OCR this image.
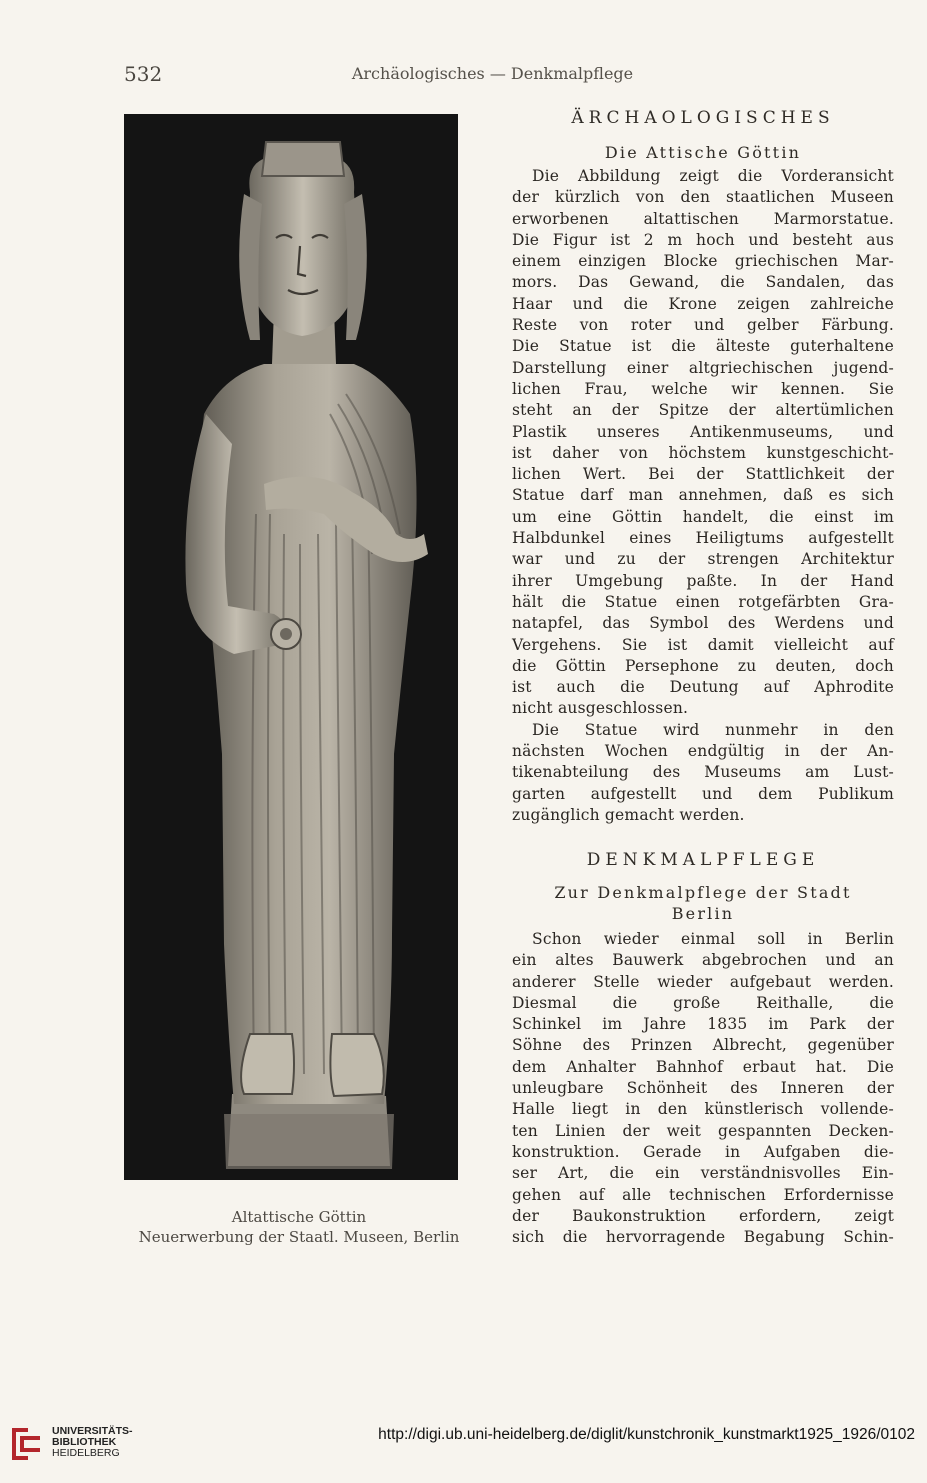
532	Archäologisches — Denkmalpflege
Altattische Göttin
Neuerwerbung der Staatl. Museen, Berlin
ÄRCHAOLOGISCHES
Die Attische Göttin

Die Abbildung zeigt die Vorderansicht

der kürzlich von den staatlichen Museen

erworbenen altattischen Marmorstatue.

Die Figur ist 2 m hoch und besteht aus

einem einzigen Blocke griechischen Mar-

mors. Das Gewand, die Sandalen, das

Haar und die Krone zeigen zahlreiche

Reste von roter und gelber Färbung.

Die Statue ist die älteste guterhaltene

Darstellung einer altgriechischen jugend-

lichen Frau, welche wir kennen. Sie

steht an der Spitze der altertümlichen

Plastik unseres Antikenmuseums, und

ist daher von höchstem kunstgeschicht-

lichen Wert. Bei der Stattlichkeit der

Statue darf man annehmen, daß es sich

um eine Göttin handelt, die einst im

Halbdunkel eines Heiligtums aufgestellt

war und zu der strengen Architektur

ihrer Umgebung paßte. In der Hand

hält die Statue einen rotgefärbten Gra-

natapfel, das Symbol des Werdens und

Vergehens. Sie ist damit vielleicht auf

die Göttin Persephone zu deuten, doch

ist auch die Deutung auf Aphrodite

nicht ausgeschlossen.

Die Statue wird nunmehr in den

nächsten Wochen endgültig in der An-

tikenabteilung des Museums am Lust-

garten aufgestellt und dem Publikum

zugänglich gemacht werden.

DENKMALPFLEGE
Zur Denkmalpflege der Stadt
Berlin

Schon wieder einmal soll in Berlin

ein altes Bauwerk abgebrochen und an

anderer Stelle wieder aufgebaut werden.

Diesmal die große Reithalle, die

Schinkel im Jahre 1835 im Park der

Söhne des Prinzen Albrecht, gegenüber

dem Anhalter Bahnhof erbaut hat. Die

unleugbare Schönheit des Inneren der

Halle liegt in den künstlerisch vollende-

ten Linien der weit gespannten Decken-

konstruktion. Gerade in Aufgaben die-

ser Art, die ein verständnisvolles Ein-

gehen auf alle technischen Erfordernisse

der Baukonstruktion erfordern, zeigt

sich die hervorragende Begabung Schin-

UNIVERSITÄTS-
BIBLIOTHEK
HEIDELBERG
http://digi.ub.uni-heidelberg.de/diglit/kunstchronik_kunstmarkt1925_1926/0102
